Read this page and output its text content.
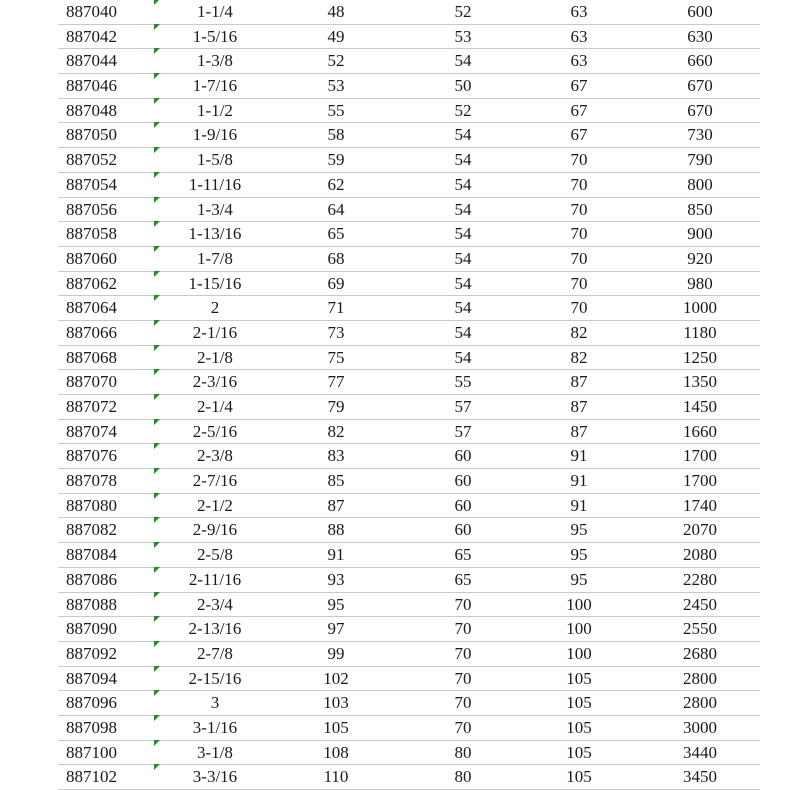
887040	1-1/4	48	52	63	600
887042	1-5/16	49	53	63	630
887044	1-3/8	52	54	63	660
887046	1-7/16	53	50	67	670
887048	1-1/2	55	52	67	670
887050	1-9/16	58	54	67	730
887052	1-5/8	59	54	70	790
887054	1-11/16	62	54	70	800
887056	1-3/4	64	54	70	850
887058	1-13/16	65	54	70	900
887060	1-7/8	68	54	70	920
887062	1-15/16	69	54	70	980
887064	2	71	54	70	1000
887066	2-1/16	73	54	82	1180
887068	2-1/8	75	54	82	1250
887070	2-3/16	77	55	87	1350
887072	2-1/4	79	57	87	1450
887074	2-5/16	82	57	87	1660
887076	2-3/8	83	60	91	1700
887078	2-7/16	85	60	91	1700
887080	2-1/2	87	60	91	1740
887082	2-9/16	88	60	95	2070
887084	2-5/8	91	65	95	2080
887086	2-11/16	93	65	95	2280
887088	2-3/4	95	70	100	2450
887090	2-13/16	97	70	100	2550
887092	2-7/8	99	70	100	2680
887094	2-15/16	102	70	105	2800
887096	3	103	70	105	2800
887098	3-1/16	105	70	105	3000
887100	3-1/8	108	80	105	3440
887102	3-3/16	110	80	105	3450
